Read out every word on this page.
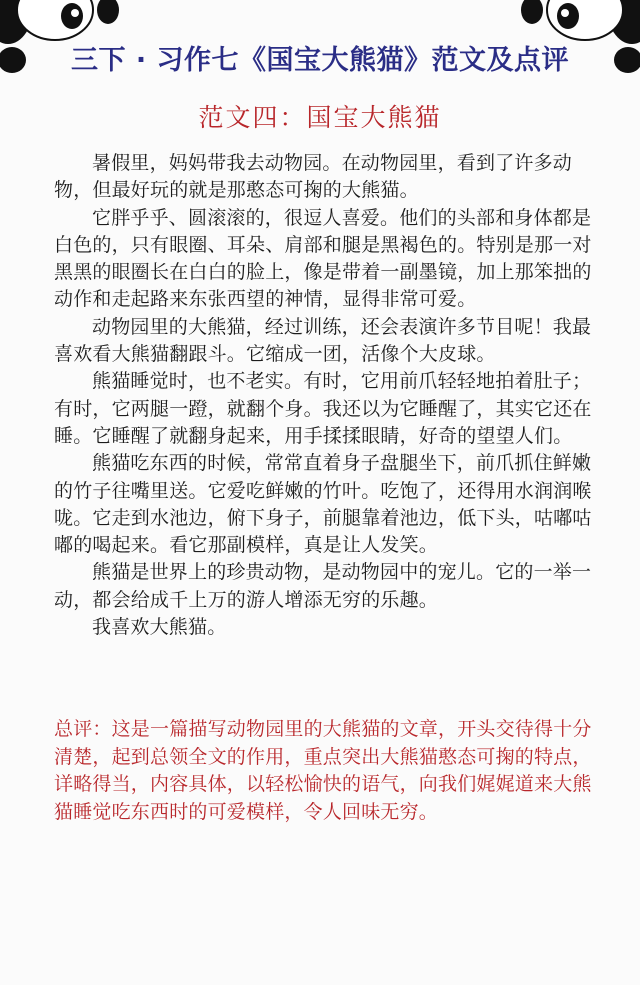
三下 · 习作七《国宝大熊猫》范文及点评
范文四：国宝大熊猫

暑假里，妈妈带我去动物园。在动物园里，看到了许多动物，但最好玩的就是那憨态可掬的大熊猫。

它胖乎乎、圆滚滚的，很逗人喜爱。他们的头部和身体都是白色的，只有眼圈、耳朵、肩部和腿是黑褐色的。特别是那一对黑黑的眼圈长在白白的脸上，像是带着一副墨镜，加上那笨拙的动作和走起路来东张西望的神情，显得非常可爱。

动物园里的大熊猫，经过训练，还会表演许多节目呢！我最喜欢看大熊猫翻跟斗。它缩成一团，活像个大皮球。

熊猫睡觉时，也不老实。有时，它用前爪轻轻地拍着肚子；有时，它两腿一蹬，就翻个身。我还以为它睡醒了，其实它还在睡。它睡醒了就翻身起来，用手揉揉眼睛，好奇的望望人们。

熊猫吃东西的时候，常常直着身子盘腿坐下，前爪抓住鲜嫩的竹子往嘴里送。它爱吃鲜嫩的竹叶。吃饱了，还得用水润润喉咙。它走到水池边，俯下身子，前腿靠着池边，低下头，咕嘟咕嘟的喝起来。看它那副模样，真是让人发笑。

熊猫是世界上的珍贵动物，是动物园中的宠儿。它的一举一动，都会给成千上万的游人增添无穷的乐趣。

我喜欢大熊猫。

总评：这是一篇描写动物园里的大熊猫的文章，开头交待得十分清楚，起到总领全文的作用，重点突出大熊猫憨态可掬的特点，详略得当，内容具体，以轻松愉快的语气，向我们娓娓道来大熊猫睡觉吃东西时的可爱模样，令人回味无穷。
